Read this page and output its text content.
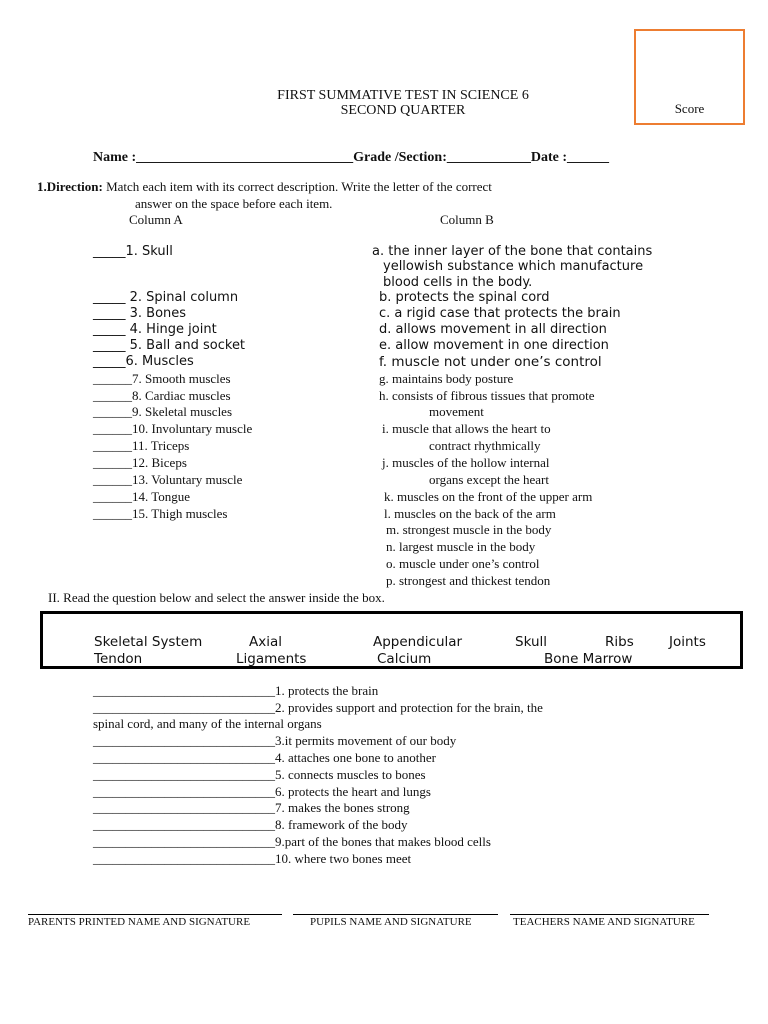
Score
FIRST SUMMATIVE TEST IN SCIENCE 6
SECOND QUARTER
Name :_______________________________Grade /Section:____________Date :______
1.Direction: Match each item with its correct description. Write the letter of the correct
answer on the space before each item.
Column A	Column B
_____1. Skull
_____ 2. Spinal column
_____ 3. Bones
_____ 4. Hinge joint
_____ 5. Ball and socket
_____6. Muscles
______7. Smooth muscles
______8. Cardiac muscles
______9. Skeletal muscles
______10. Involuntary muscle
______11. Triceps
______12. Biceps
______13. Voluntary muscle
______14. Tongue
______15. Thigh muscles
a. the inner layer of the bone that contains
yellowish substance which manufacture
blood cells in the body.
b. protects the spinal cord
c. a rigid case that protects the brain
d. allows movement in all direction
e. allow movement in one direction
f. muscle not under one’s control
g. maintains body posture
h. consists of fibrous tissues that promote
movement
i. muscle that allows the heart to
contract rhythmically
j. muscles of the hollow internal
organs except the heart
k. muscles on the front of the upper arm
l. muscles on the back of the arm
m. strongest muscle in the body
n. largest muscle in the body
o. muscle under one’s control
p. strongest and thickest tendon
II. Read the question below and select the answer inside the box.
Skeletal System	Axial	Appendicular	Skull	Ribs	Joints
Tendon	Ligaments	Calcium	Bone Marrow
____________________________1. protects the brain
____________________________2. provides support and protection for the brain, the
spinal cord, and many of the internal organs
____________________________3.it permits movement of our body
____________________________4. attaches one bone to another
____________________________5. connects muscles to bones
____________________________6. protects the heart and lungs
____________________________7. makes the bones strong
____________________________8. framework of the body
____________________________9.part of the bones that makes blood cells
____________________________10. where two bones meet
PARENTS PRINTED NAME AND SIGNATURE	PUPILS NAME AND SIGNATURE	TEACHERS NAME AND SIGNATURE
